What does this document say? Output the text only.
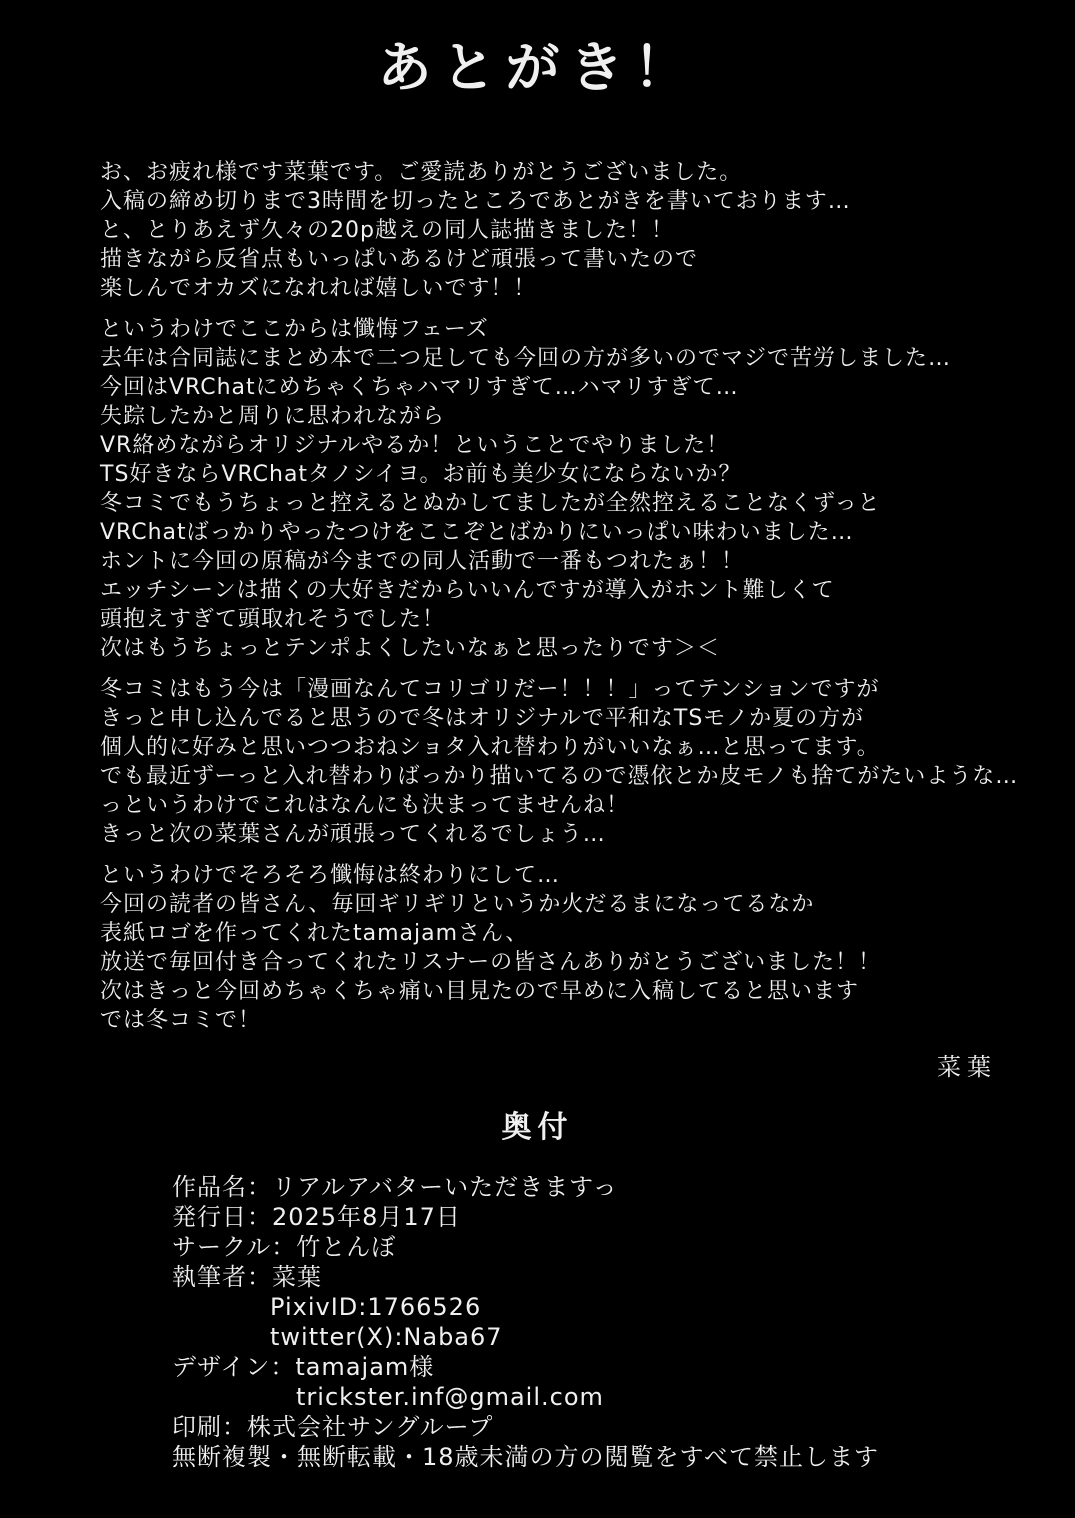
あとがき！
お、お疲れ様です菜葉です。ご愛読ありがとうございました。
入稿の締め切りまで3時間を切ったところであとがきを書いております…
と、とりあえず久々の20p越えの同人誌描きました！！
描きながら反省点もいっぱいあるけど頑張って書いたので
楽しんでオカズになれれば嬉しいです！！
というわけでここからは懺悔フェーズ
去年は合同誌にまとめ本で二つ足しても今回の方が多いのでマジで苦労しました…
今回はVRChatにめちゃくちゃハマリすぎて…ハマリすぎて…
失踪したかと周りに思われながら
VR絡めながらオリジナルやるか！ということでやりました！
TS好きならVRChatタノシイヨ。お前も美少女にならないか？
冬コミでもうちょっと控えるとぬかしてましたが全然控えることなくずっと
VRChatばっかりやったつけをここぞとばかりにいっぱい味わいました…
ホントに今回の原稿が今までの同人活動で一番もつれたぁ！！
エッチシーンは描くの大好きだからいいんですが導入がホント難しくて
頭抱えすぎて頭取れそうでした！
次はもうちょっとテンポよくしたいなぁと思ったりです＞＜
冬コミはもう今は「漫画なんてコリゴリだー！！！」ってテンションですが
きっと申し込んでると思うので冬はオリジナルで平和なTSモノか夏の方が
個人的に好みと思いつつおねショタ入れ替わりがいいなぁ…と思ってます。
でも最近ずーっと入れ替わりばっかり描いてるので憑依とか皮モノも捨てがたいような…
っというわけでこれはなんにも決まってませんね！
きっと次の菜葉さんが頑張ってくれるでしょう…
というわけでそろそろ懺悔は終わりにして…
今回の読者の皆さん、毎回ギリギリというか火だるまになってるなか
表紙ロゴを作ってくれたtamajamさん、
放送で毎回付き合ってくれたリスナーの皆さんありがとうございました！！
次はきっと今回めちゃくちゃ痛い目見たので早めに入稿してると思います
では冬コミで！
菜葉
奥付
作品名：リアルアバターいただきますっ
発行日：2025年8月17日
サークル：竹とんぼ
執筆者：菜葉
PixivID:1766526
twitter(X):Naba67
デザイン：tamajam様
trickster.inf@gmail.com
印刷：株式会社サングループ
無断複製・無断転載・18歳未満の方の閲覧をすべて禁止します
